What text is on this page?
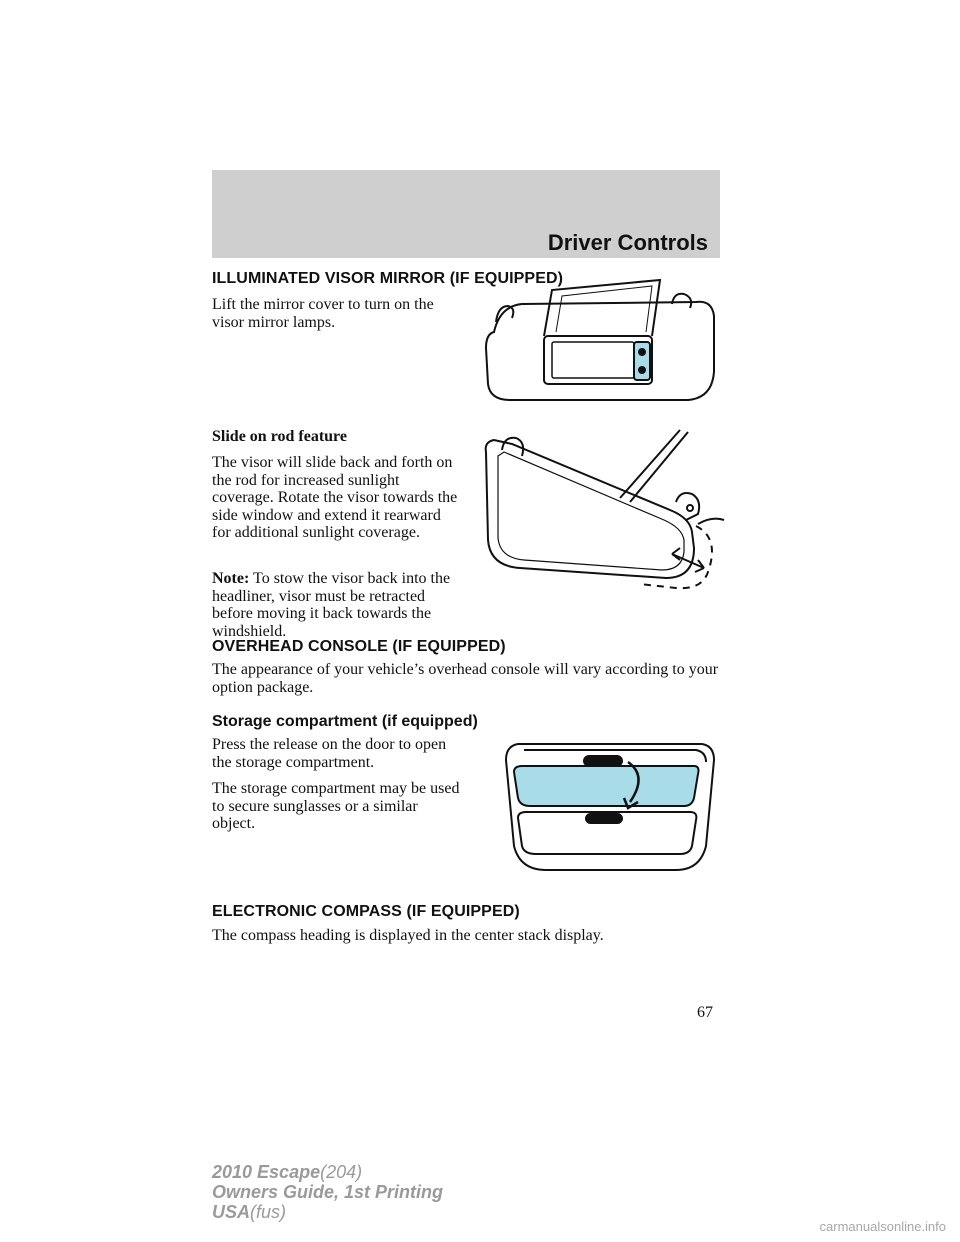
Driver Controls
ILLUMINATED VISOR MIRROR (IF EQUIPPED)

Lift the mirror cover to turn on the visor mirror lamps.

Slide on rod feature

The visor will slide back and forth on the rod for increased sunlight coverage. Rotate the visor towards the side window and extend it rearward for additional sunlight coverage.

Note: To stow the visor back into the headliner, visor must be retracted before moving it back towards the windshield.

OVERHEAD CONSOLE (IF EQUIPPED)

The appearance of your vehicle’s overhead console will vary according to your option package.

Storage compartment (if equipped)

Press the release on the door to open the storage compartment.

The storage compartment may be used to secure sunglasses or a similar object.

ELECTRONIC COMPASS (IF EQUIPPED)

The compass heading is displayed in the center stack display.

67
2010 Escape(204)
Owners Guide, 1st Printing
USA(fus)
carmanualsonline.info
